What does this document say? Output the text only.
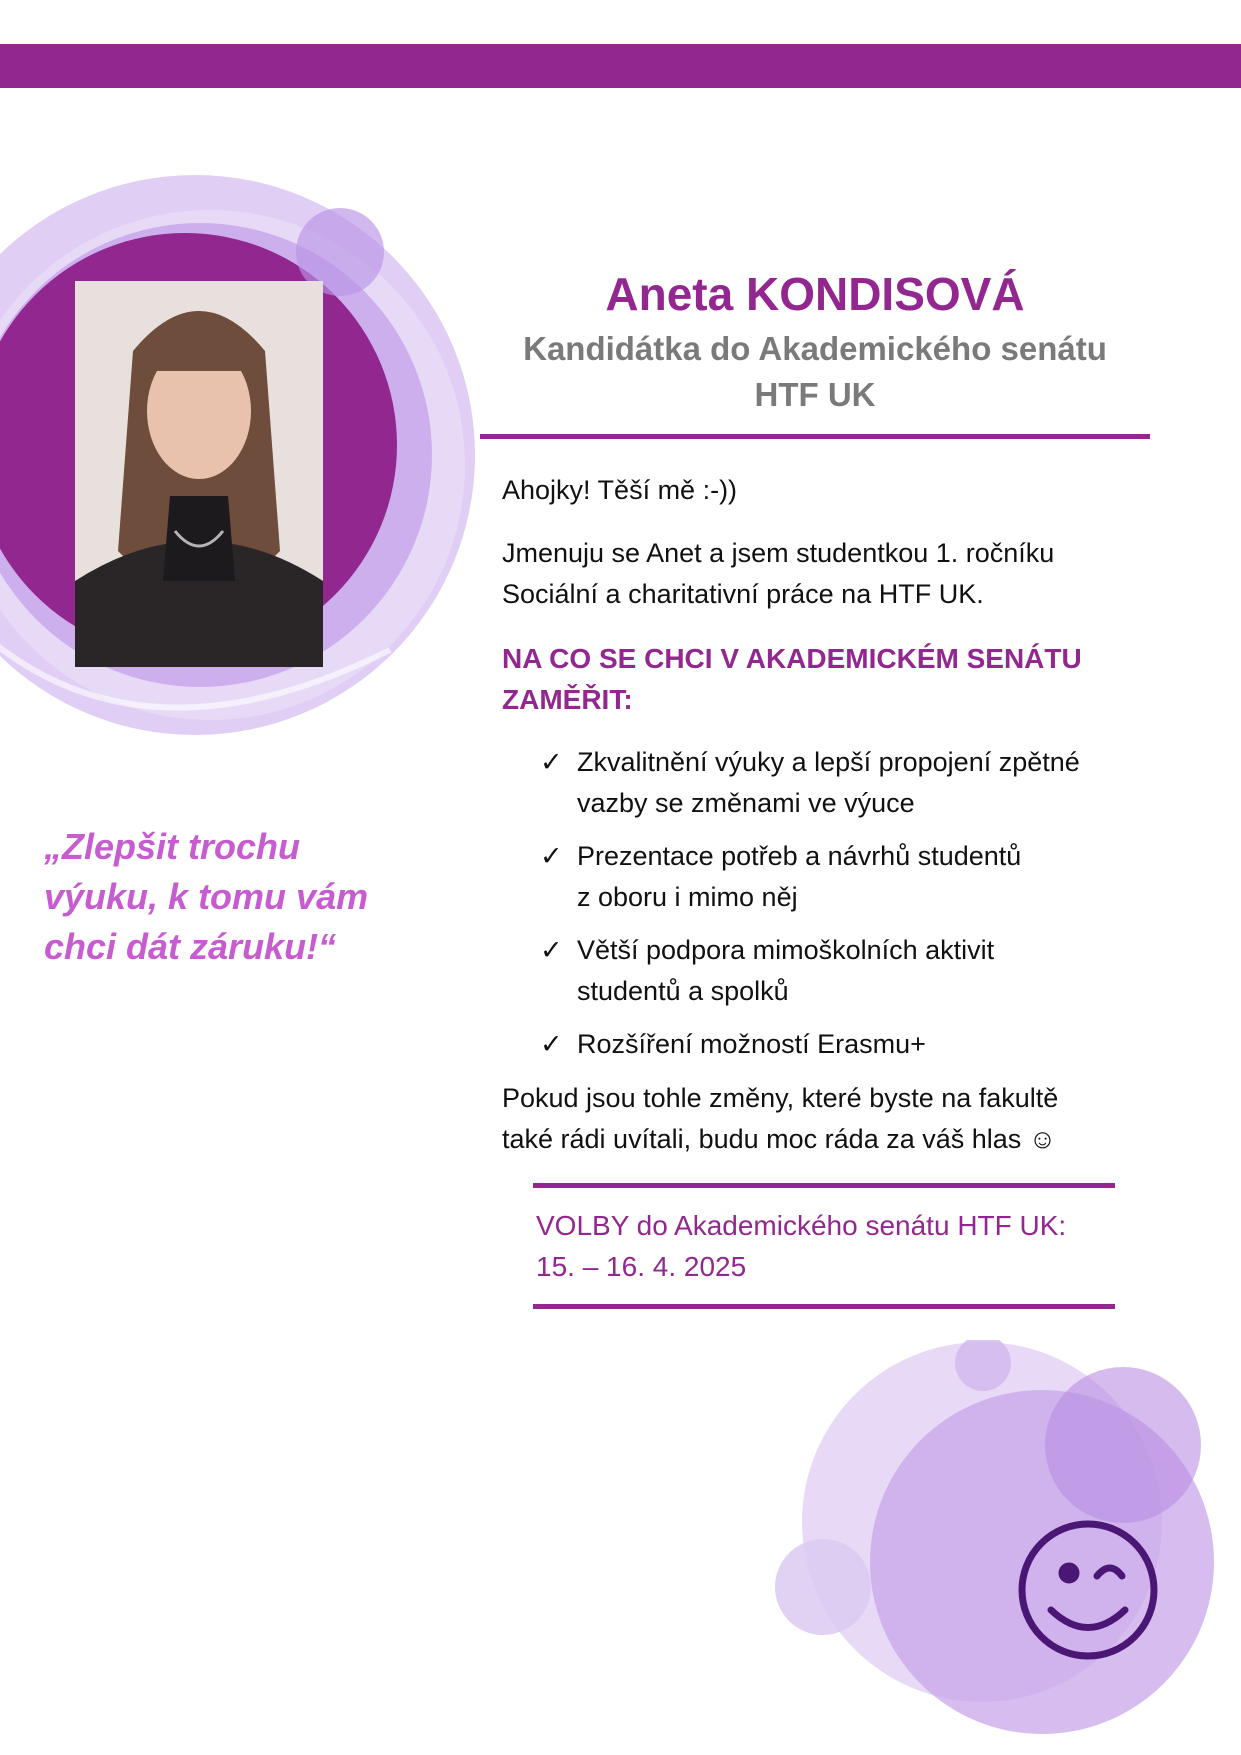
„Zlepšit trochu
výuku, k tomu vám
chci dát záruku!“
Aneta KONDISOVÁ
Kandidátka do Akademického senátu
HTF UK
Ahojky! Těší mě :-))
Jmenuju se Anet a jsem studentkou 1. ročníku
Sociální a charitativní práce na HTF UK.
NA CO SE CHCI V AKADEMICKÉM SENÁTU
ZAMĚŘIT:
✓ Zkvalitnění výuky a lepší propojení zpětné
vazby se změnami ve výuce
✓ Prezentace potřeb a návrhů studentů
z oboru i mimo něj
✓ Větší podpora mimoškolních aktivit
studentů a spolků
✓ Rozšíření možností Erasmu+
Pokud jsou tohle změny, které byste na fakultě
také rádi uvítali, budu moc ráda za váš hlas ☺
VOLBY do Akademického senátu HTF UK:
15. – 16. 4. 2025
